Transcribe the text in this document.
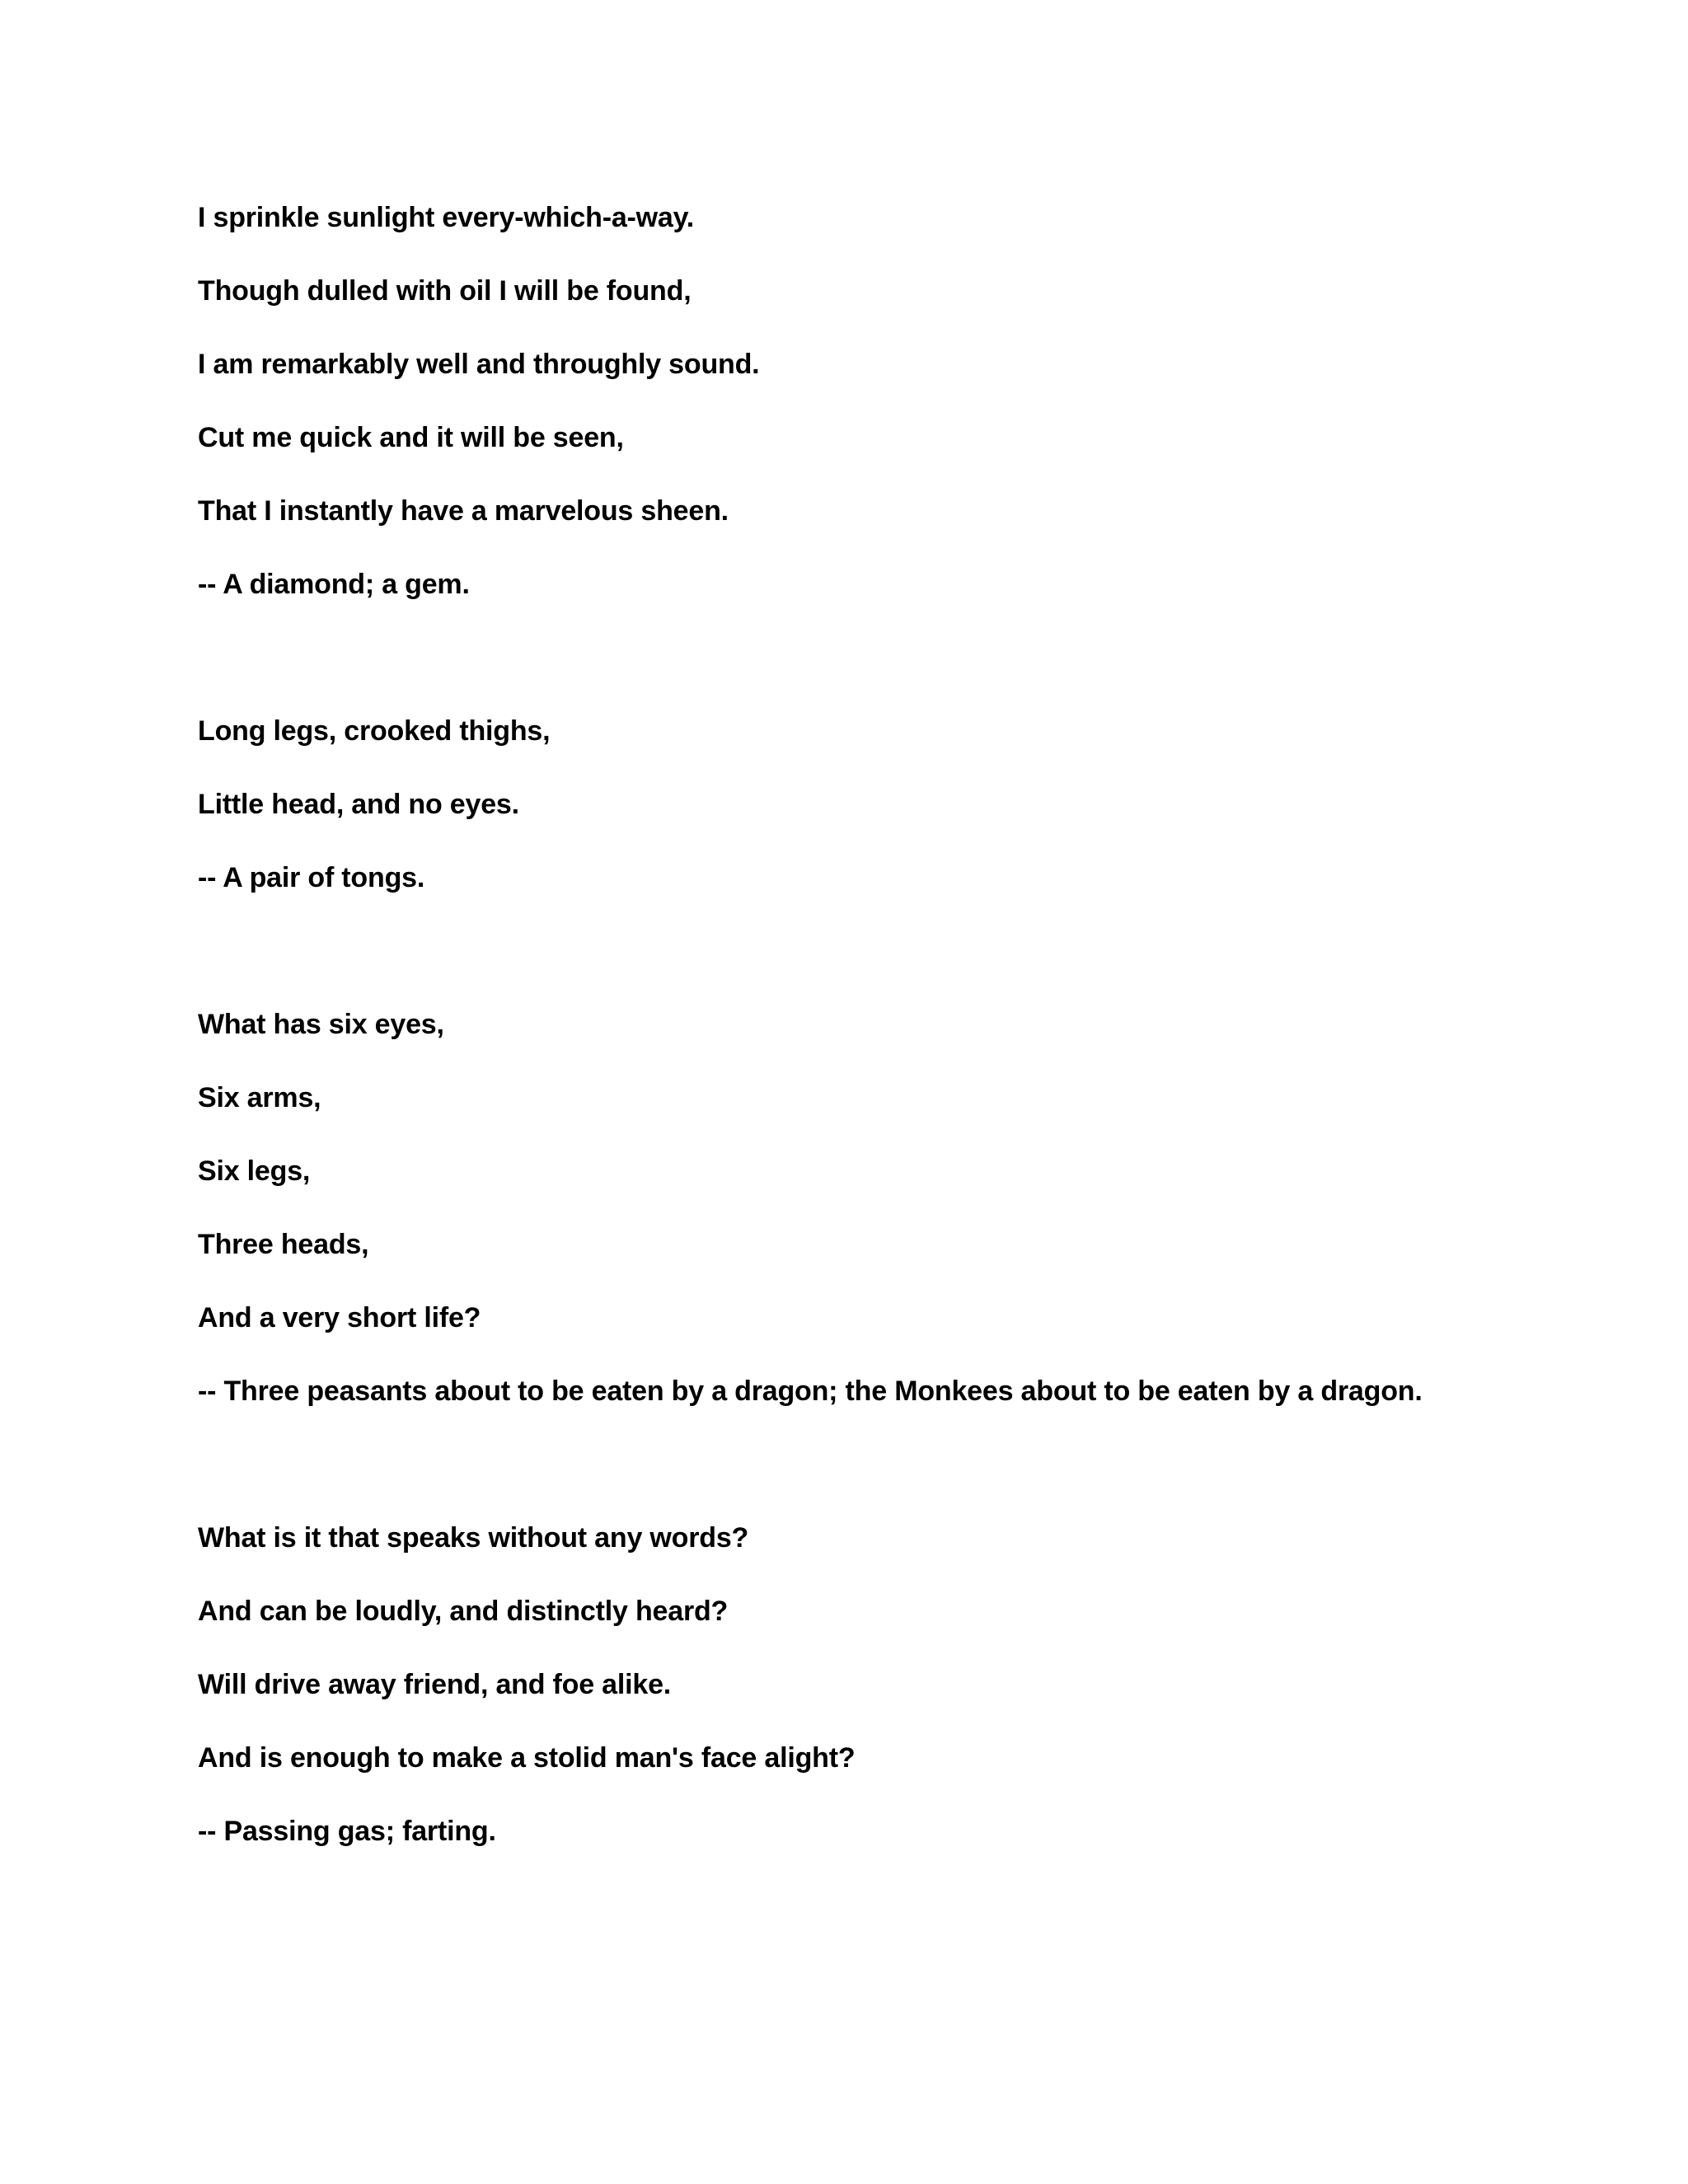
I sprinkle sunlight every-which-a-way.
Though dulled with oil I will be found,
I am remarkably well and throughly sound.
Cut me quick and it will be seen,
That I instantly have a marvelous sheen.
-- A diamond; a gem.
Long legs, crooked thighs,
Little head, and no eyes.
-- A pair of tongs.
What has six eyes,
Six arms,
Six legs,
Three heads,
And a very short life?
-- Three peasants about to be eaten by a dragon; the Monkees about to be eaten by a dragon.
What is it that speaks without any words?
And can be loudly, and distinctly heard?
Will drive away friend, and foe alike.
And is enough to make a stolid man's face alight?
-- Passing gas; farting.
